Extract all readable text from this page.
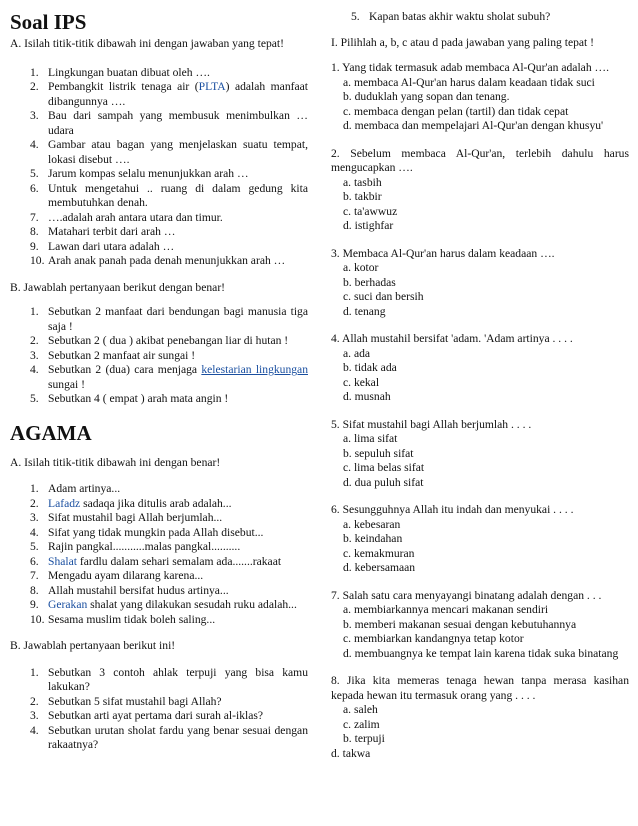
Soal IPS

A. Isilah titik-titik dibawah ini dengan jawaban yang tepat!

1. Lingkungan buatan dibuat oleh ….
2. Pembangkit listrik tenaga air (PLTA) adalah manfaat dibangunnya ….
3. Bau dari sampah yang membusuk menimbulkan … udara
4. Gambar atau bagan yang menjelaskan suatu tempat, lokasi disebut ….
5. Jarum kompas selalu menunjukkan arah …
6. Untuk mengetahui .. ruang di dalam gedung kita membutuhkan denah.
7. ….adalah arah antara utara dan timur.
8. Matahari terbit dari arah …
9. Lawan dari utara adalah …
10. Arah anak panah pada denah menunjukkan arah …

B. Jawablah pertanyaan berikut dengan benar!

1. Sebutkan 2 manfaat dari bendungan bagi manusia tiga saja !
2. Sebutkan 2 ( dua ) akibat penebangan liar di hutan !
3. Sebutkan 2 manfaat air sungai !
4. Sebutkan 2 (dua) cara menjaga kelestarian lingkungan sungai !
5. Sebutkan 4 ( empat ) arah mata angin !
AGAMA

A. Isilah titik-titik dibawah ini dengan benar!

1. Adam artinya...
2. Lafadz sadaqa jika ditulis arab adalah...
3. Sifat mustahil bagi Allah berjumlah...
4. Sifat yang tidak mungkin pada Allah disebut...
5. Rajin pangkal...........malas pangkal..........
6. Shalat fardlu dalam sehari semalam ada.......rakaat
7. Mengadu ayam dilarang karena...
8. Allah mustahil bersifat hudus artinya...
9. Gerakan shalat yang dilakukan sesudah ruku adalah...
10. Sesama muslim tidak boleh saling...

B. Jawablah pertanyaan berikut ini!

1. Sebutkan 3 contoh ahlak terpuji yang bisa kamu lakukan?
2. Sebutkan 5 sifat mustahil bagi Allah?
3. Sebutkan arti ayat pertama dari surah al-iklas?
4. Sebutkan urutan sholat fardu yang benar sesuai dengan rakaatnya?
5. Kapan batas akhir waktu sholat subuh?

I. Pilihlah a, b, c atau d pada jawaban yang paling tepat !

1. Yang tidak termasuk adab membaca Al-Qur'an adalah ….

a. membaca Al-Qur'an harus dalam keadaan tidak suci

b. duduklah yang sopan dan tenang.

c. membaca dengan pelan (tartil) dan tidak cepat

d. membaca dan mempelajari Al-Qur'an dengan khusyu'

2. Sebelum membaca Al-Qur'an, terlebih dahulu harus mengucapkan ….

a. tasbih

b. takbir

c. ta'awwuz

d. istighfar

3. Membaca Al-Qur'an harus dalam keadaan ….

a. kotor

b. berhadas

c. suci dan bersih

d. tenang

4. Allah mustahil bersifat 'adam. 'Adam artinya . . . .

a. ada

b. tidak ada

c. kekal

d. musnah

5. Sifat mustahil bagi Allah berjumlah . . . .

a. lima sifat

b. sepuluh sifat

c. lima belas sifat

d. dua puluh sifat

6. Sesungguhnya Allah itu indah dan menyukai . . . .

a. kebesaran

b. keindahan

c. kemakmuran

d. kebersamaan

7. Salah satu cara menyayangi binatang adalah dengan . . .

a. membiarkannya mencari makanan sendiri

b. memberi makanan sesuai dengan kebutuhannya

c. membiarkan kandangnya tetap kotor

d. membuangnya ke tempat lain karena tidak suka binatang

8. Jika kita memeras tenaga hewan tanpa merasa kasihan kepada hewan itu termasuk orang yang . . . .

a. saleh

c. zalim

b. terpuji

d. takwa
